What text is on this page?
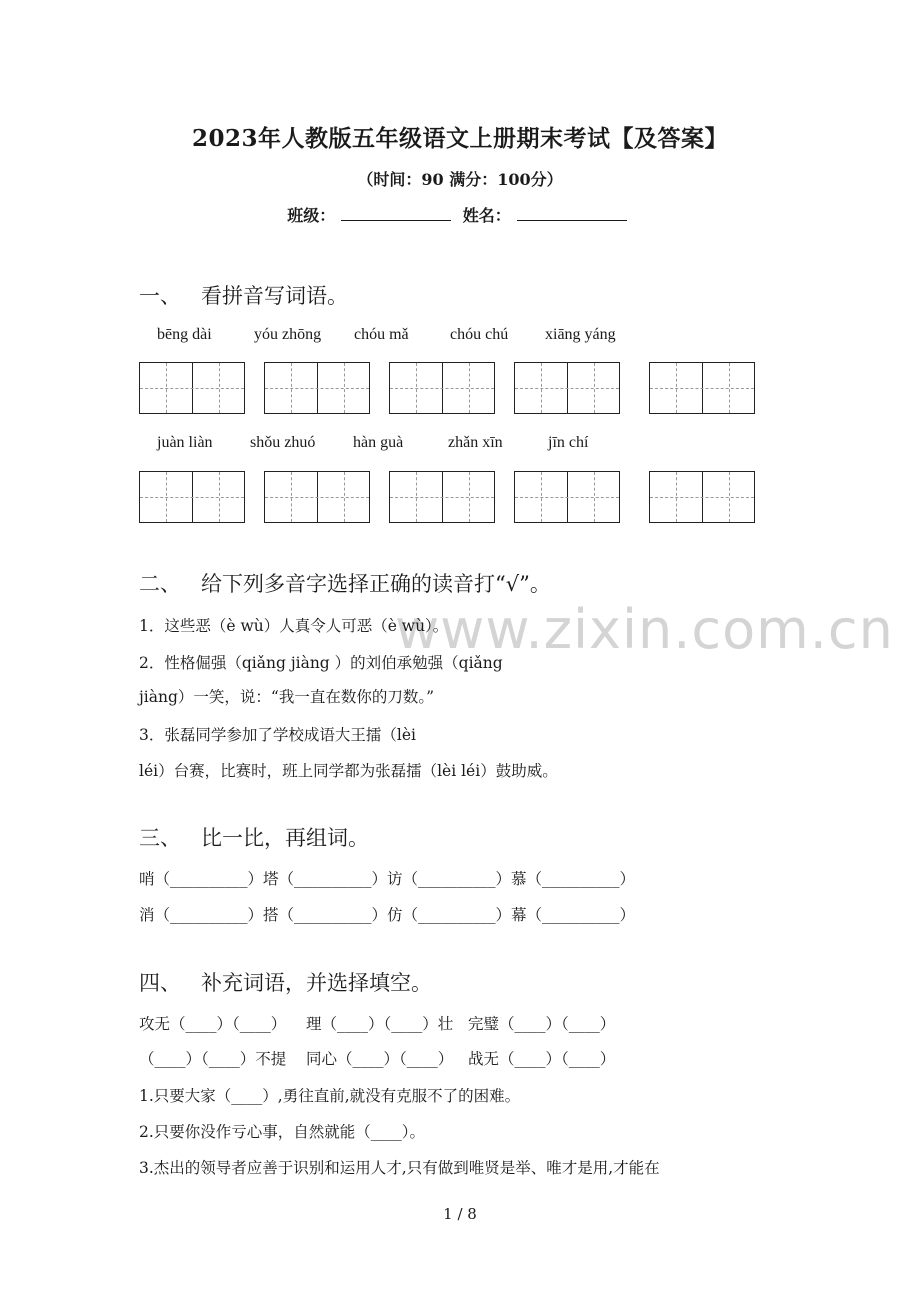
2023年人教版五年级语文上册期末考试【及答案】
（时间：90 满分：100分）
班级：	姓名：
一、 看拼音写词语。
bēng dài	yóu zhōng chóu mǎ	chóu chú xiāng yáng
juàn liàn shǒu zhuó hàn guà	zhǎn xīn	jīn chí
www.zixin.com.cn
二、 给下列多音字选择正确的读音打“√”。
1．这些恶（è wù）人真令人可恶（è wù）。
2．性格倔强（qiǎng jiàng ）的刘伯承勉强（qiǎng
jiàng）一笑，说：“我一直在数你的刀数。”
3．张磊同学参加了学校成语大王擂（lèi
léi）台赛，比赛时，班上同学都为张磊擂（lèi léi）鼓助威。
三、 比一比，再组词。
哨（__________）塔（__________）访（__________）慕（__________）
消（__________）搭（__________）仿（__________）幕（__________）
四、 补充词语，并选择填空。
攻无（____）（____）    理（____）（____）壮   完璧（____）（____）
（____）（____）不提    同心（____）（____）   战无（____）（____）
1.只要大家（____）,勇往直前,就没有克服不了的困难。
2.只要你没作亏心事，自然就能（____）。
3.杰出的领导者应善于识别和运用人才,只有做到唯贤是举、唯才是用,才能在
1 / 8
